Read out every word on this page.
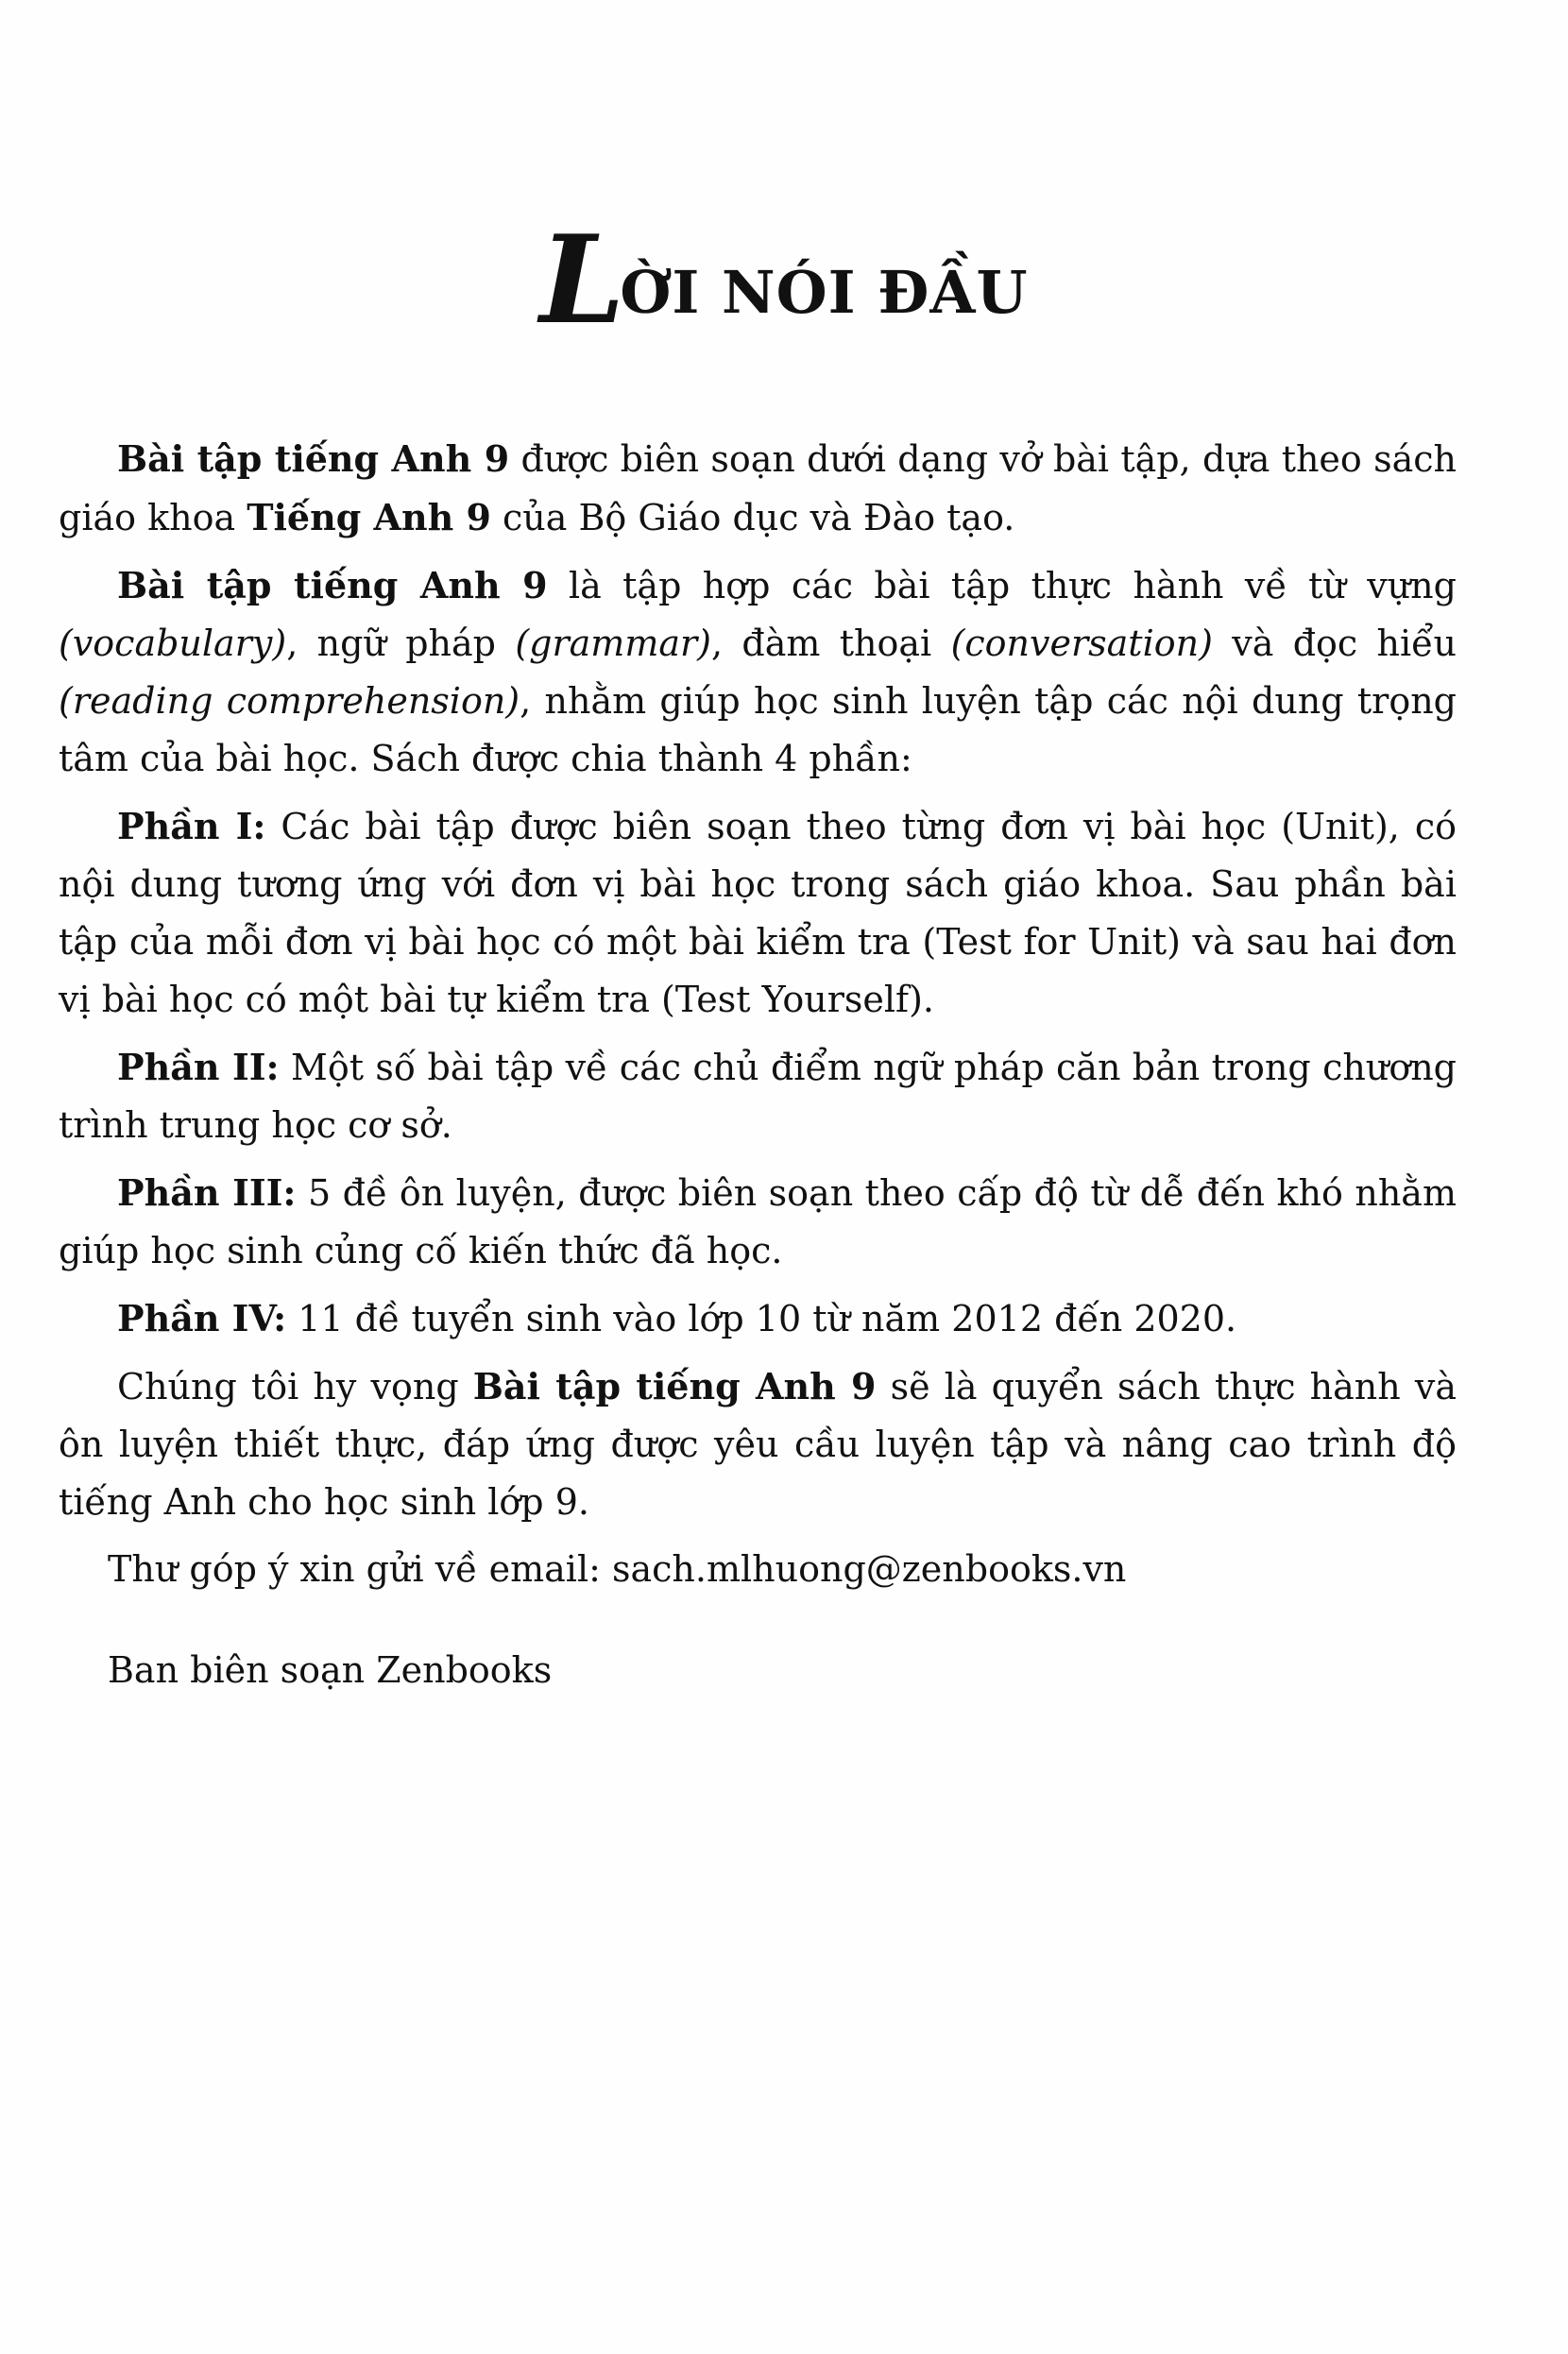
LỜI NÓI ĐẦU

Bài tập tiếng Anh 9 được biên soạn dưới dạng vở bài tập, dựa theo sách giáo khoa Tiếng Anh 9 của Bộ Giáo dục và Đào tạo.

Bài tập tiếng Anh 9 là tập hợp các bài tập thực hành về từ vựng (vocabulary), ngữ pháp (grammar), đàm thoại (conversation) và đọc hiểu (reading comprehension), nhằm giúp học sinh luyện tập các nội dung trọng tâm của bài học. Sách được chia thành 4 phần:

Phần I: Các bài tập được biên soạn theo từng đơn vị bài học (Unit), có nội dung tương ứng với đơn vị bài học trong sách giáo khoa. Sau phần bài tập của mỗi đơn vị bài học có một bài kiểm tra (Test for Unit) và sau hai đơn vị bài học có một bài tự kiểm tra (Test Yourself).

Phần II: Một số bài tập về các chủ điểm ngữ pháp căn bản trong chương trình trung học cơ sở.

Phần III: 5 đề ôn luyện, được biên soạn theo cấp độ từ dễ đến khó nhằm giúp học sinh củng cố kiến thức đã học.

Phần IV: 11 đề tuyển sinh vào lớp 10 từ năm 2012 đến 2020.

Chúng tôi hy vọng Bài tập tiếng Anh 9 sẽ là quyển sách thực hành và ôn luyện thiết thực, đáp ứng được yêu cầu luyện tập và nâng cao trình độ tiếng Anh cho học sinh lớp 9.

Thư góp ý xin gửi về email: sach.mlhuong@zenbooks.vn

Ban biên soạn Zenbooks
